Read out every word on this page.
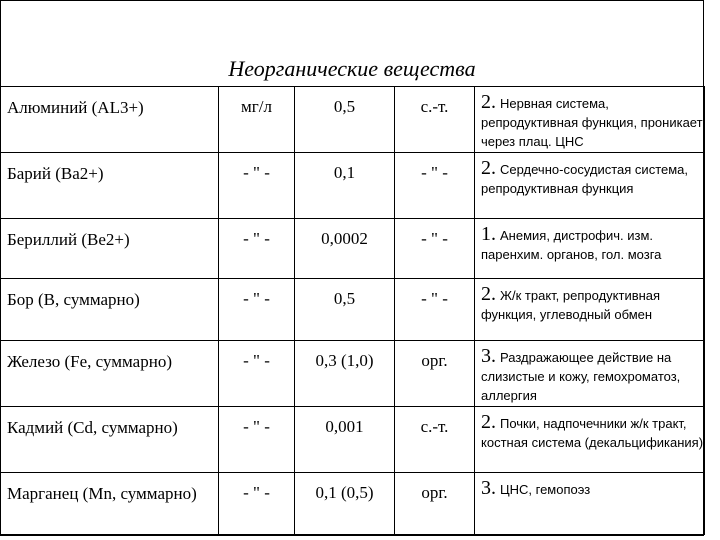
Неорганические вещества
Алюминий (AL3+)	мг/л	0,5	с.-т.	2. Нервная система, репродуктивная функция, проникает через плац. ЦНС
Барий (Ba2+)	- " -	0,1	- " -	2. Сердечно-сосудистая система, репродуктивная функция
Бериллий (Be2+)	- " -	0,0002	- " -	1. Анемия, дистрофич. изм. паренхим. органов, гол. мозга
Бор (B, суммарно)	- " -	0,5	- " -	2. Ж/к тракт, репродуктивная функция, углеводный обмен
Железо (Fe, суммарно)	- " -	0,3 (1,0)	орг.	3. Раздражающее действие на слизистые и кожу, гемохроматоз, аллергия
Кадмий (Cd, суммарно)	- " -	0,001	с.-т.	2. Почки, надпочечники ж/к тракт, костная система (декальцификания)
Марганец (Mn, суммарно)	- " -	0,1 (0,5)	орг.	3. ЦНС, гемопоэз
